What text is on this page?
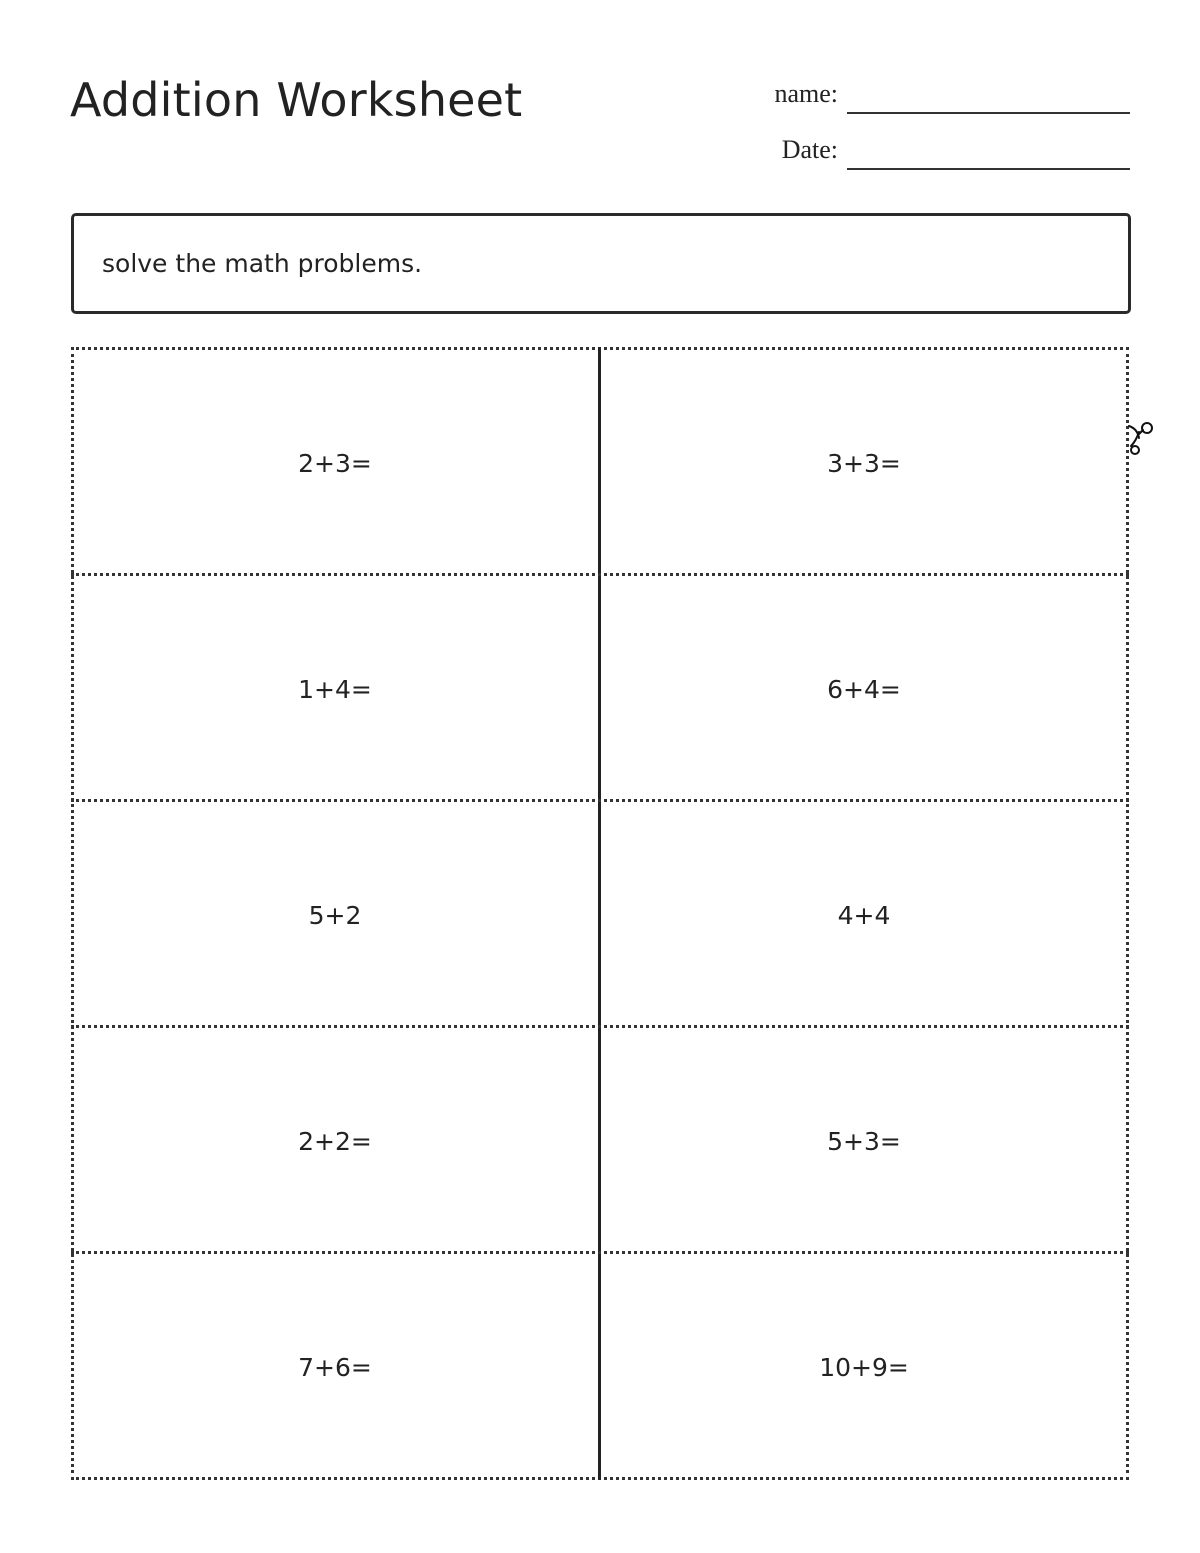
Addition Worksheet	name:
Date:
solve the math problems.
2+3=	3+3=
1+4=	6+4=
5+2	4+4
2+2=	5+3=
7+6=	10+9=
